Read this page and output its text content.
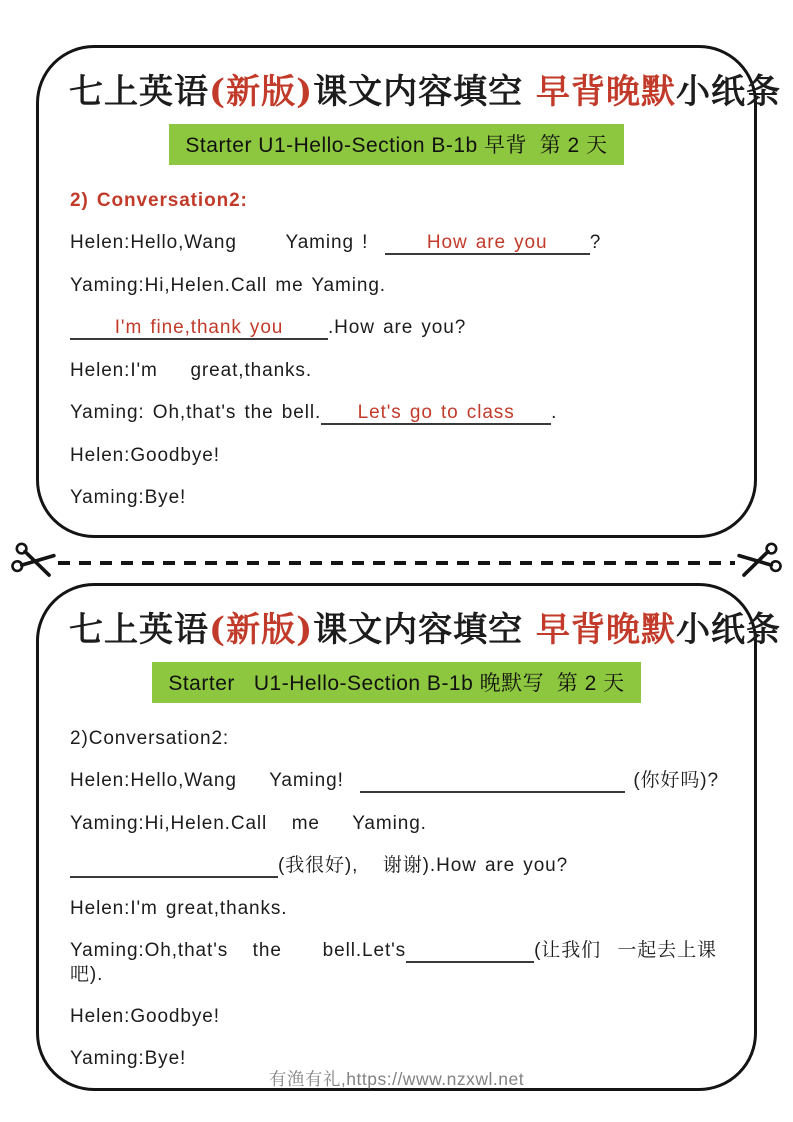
七上英语(新版)课文内容填空 早背晚默小纸条
Starter U1-Hello-Section B-1b 早背  第 2 天

2) Conversation2:

Helen:Hello,Wang      Yaming !  How are you ?

Yaming:Hi,Helen.Call me Yaming.

I'm fine,thank you .How are you?

Helen:I'm    great,thanks.

Yaming: Oh,that's the bell. Let's go to class .

Helen:Goodbye!

Yaming:Bye!

七上英语(新版)课文内容填空 早背晚默小纸条
Starter   U1-Hello-Section B-1b 晚默写  第 2 天

2)Conversation2:

Helen:Hello,Wang    Yaming!	(你好吗)?

Yaming:Hi,Helen.Call   me    Yaming.

(我很好),   谢谢).How are you?

Helen:I'm great,thanks.

Yaming:Oh,that's   the     bell.Let's	(让我们  一起去上课吧).

Helen:Goodbye!

Yaming:Bye!

有渔有礼,https://www.nzxwl.net
